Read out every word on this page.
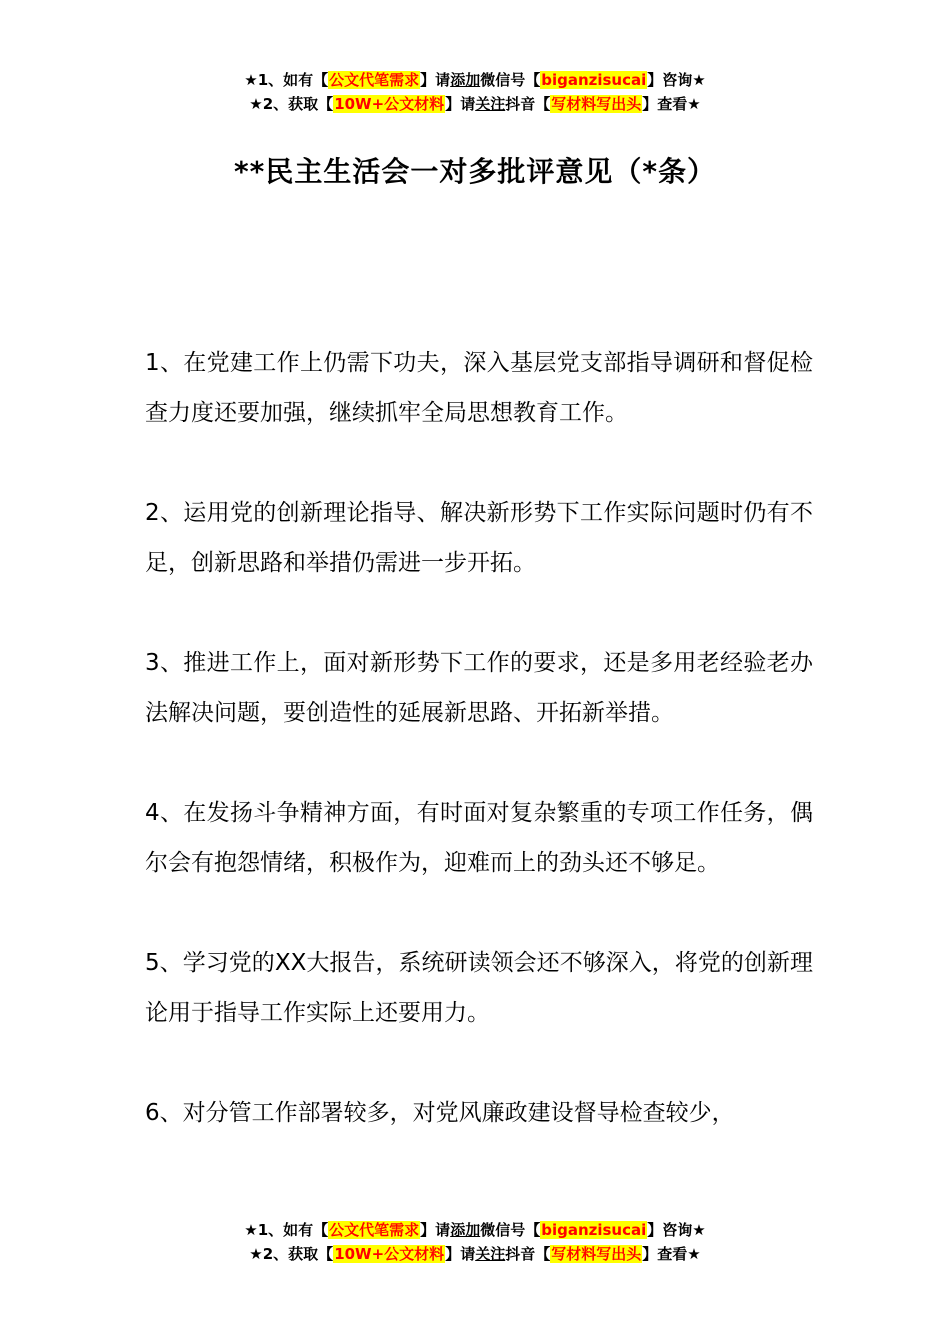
★1、如有【公文代笔需求】请添加微信号【biganzisucai】咨询★
★2、获取【10W+公文材料】请关注抖音【写材料写出头】查看★
**民主生活会一对多批评意见（*条）

1、在党建工作上仍需下功夫，深入基层党支部指导调研和督促检查力度还要加强，继续抓牢全局思想教育工作。

2、运用党的创新理论指导、解决新形势下工作实际问题时仍有不足，创新思路和举措仍需进一步开拓。

3、推进工作上，面对新形势下工作的要求，还是多用老经验老办法解决问题，要创造性的延展新思路、开拓新举措。

4、在发扬斗争精神方面，有时面对复杂繁重的专项工作任务，偶尔会有抱怨情绪，积极作为，迎难而上的劲头还不够足。

5、学习党的XX大报告，系统研读领会还不够深入，将党的创新理论用于指导工作实际上还要用力。

6、对分管工作部署较多，对党风廉政建设督导检查较少，

★1、如有【公文代笔需求】请添加微信号【biganzisucai】咨询★
★2、获取【10W+公文材料】请关注抖音【写材料写出头】查看★
